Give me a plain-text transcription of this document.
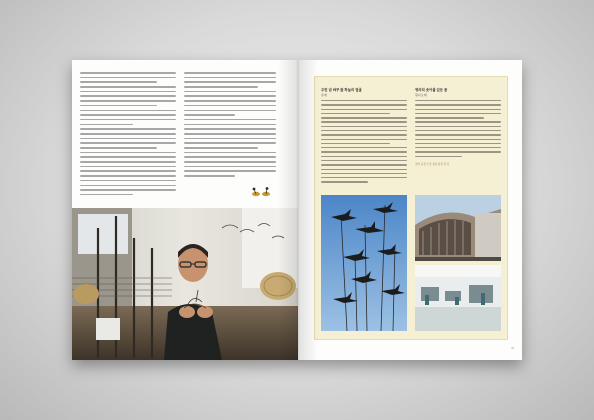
우린 넘 바꾸 왔 하늘의 얼굴
류재
영의리 솟아를 있은 꿈
원디오제
전바 공정 수진 창하 원잘 전 인
41
